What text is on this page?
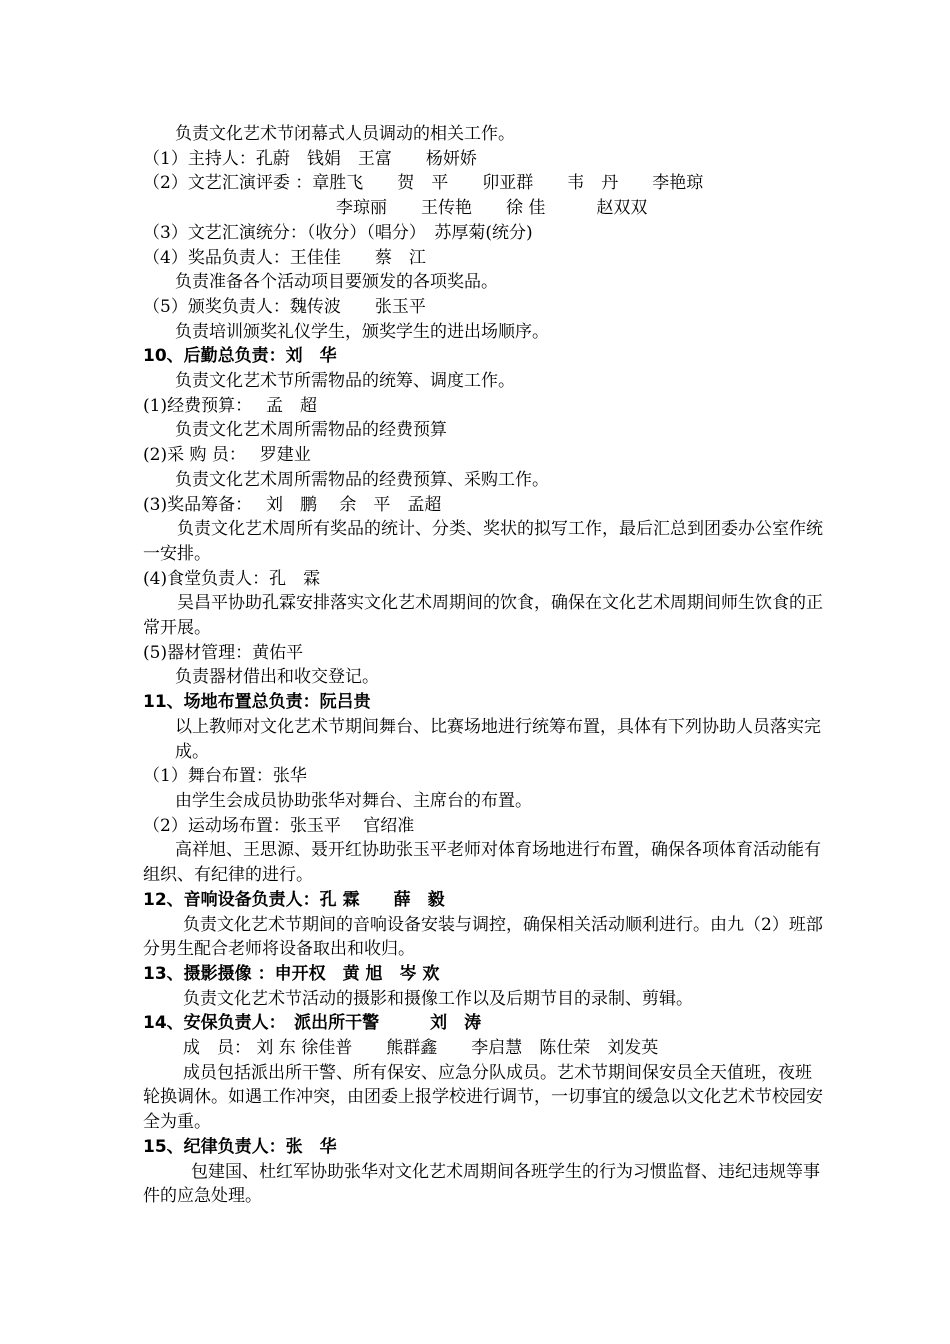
负责文化艺术节闭幕式人员调动的相关工作。
（1）主持人：孔蔚　钱娟　王富　　杨妍娇
（2）文艺汇演评委 ：章胜飞　　贺　平　　卯亚群　　韦　丹　　李艳琼
李琼丽　　王传艳　　徐 佳　　　赵双双
（3）文艺汇演统分：（收分）（唱分）　苏厚菊(统分)
（4）奖品负责人：王佳佳　　蔡　江
负责准备各个活动项目要颁发的各项奖品。
（5）颁奖负责人：魏传波　　张玉平
负责培训颁奖礼仪学生，颁奖学生的进出场顺序。
10、后勤总负责：刘　华
负责文化艺术节所需物品的统筹、调度工作。
(1)经费预算：　 孟　超
负责文化艺术周所需物品的经费预算
(2)采 购 员：　 罗建业
负责文化艺术周所需物品的经费预算、采购工作。
(3)奖品筹备：　 刘　鹏　 余　平　孟超
负责文化艺术周所有奖品的统计、分类、奖状的拟写工作，最后汇总到团委办公室作统一安排。
(4)食堂负责人：孔　霖
吴昌平协助孔霖安排落实文化艺术周期间的饮食，确保在文化艺术周期间师生饮食的正常开展。
(5)器材管理：黄佑平
负责器材借出和收交登记。
11、场地布置总负责：阮吕贵
以上教师对文化艺术节期间舞台、比赛场地进行统筹布置，具体有下列协助人员落实完成。
（1）舞台布置：张华
由学生会成员协助张华对舞台、主席台的布置。
（2）运动场布置：张玉平　 官绍准
高祥旭、王思源、聂开红协助张玉平老师对体育场地进行布置，确保各项体育活动能有组织、有纪律的进行。
12、音响设备负责人：孔 霖　　薛　毅
负责文化艺术节期间的音响设备安装与调控，确保相关活动顺利进行。由九（2）班部分男生配合老师将设备取出和收归。
13、摄影摄像 ：申开权　黄 旭　岑 欢
负责文化艺术节活动的摄影和摄像工作以及后期节目的录制、剪辑。
14、安保负责人：　派出所干警　　　刘　涛
成　员： 刘 东 徐佳普　　熊群鑫　　李启慧　陈仕荣　刘发英
成员包括派出所干警、所有保安、应急分队成员。艺术节期间保安员全天值班，夜班轮换调休。如遇工作冲突，由团委上报学校进行调节，一切事宜的缓急以文化艺术节校园安全为重。
15、纪律负责人：张　华
包建国、杜红军协助张华对文化艺术周期间各班学生的行为习惯监督、违纪违规等事件的应急处理。
